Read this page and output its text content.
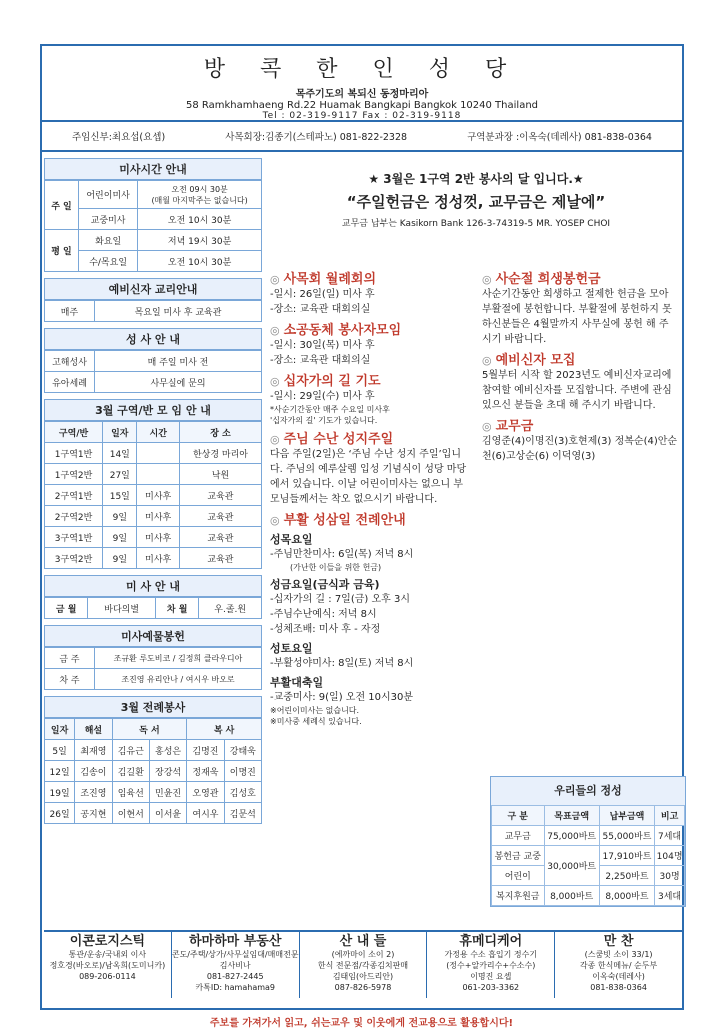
방 콕 한 인 성 당
목주기도의 복되신 동정마리아
58 Ramkhamhaeng Rd.22 Huamak Bangkapi Bangkok 10240 Thailand
Tel : 02-319-9117 Fax : 02-319-9118
주임신부:최요섭(요셉)	사목회장:김종기(스테파노) 081-822-2328	구역분과장 :이옥숙(데레사) 081-838-0364
미사시간 안내
주 일	어린이미사	오전 09시 30분
(매월 마지막주는 없습니다)
	교중미사	오전 10시 30분
평 일	화요일	저녁 19시 30분
	수/목요일	오전 10시 30분
예비신자 교리안내
매주	목요일 미사 후 교육관
성 사 안 내
고해성사	매 주일 미사 전
유아세례	사무실에 문의
3월 구역/반 모 임 안 내
구역/반	일자	시간	장 소
1구역1반	14일		한상경 마리아
1구역2반	27일		낙원
2구역1반	15일	미사후	교육관
2구역2반	9일	미사후	교육관
3구역1반	9일	미사후	교육관
3구역2반	9일	미사후	교육관
미 사 안 내
금 월	바다의별	차 월	우.졸.원
미사예물봉헌
금 주	조규환 루도비코 / 김정희 클라우디아
차 주	조진영 유리안나 / 여시우 바오로
3월 전례봉사
일자	해설	독 서		복 사	
5일	최재영	김유근	홍성은	김명진	강태욱
12일	김송이	김길환	장강석	정재욱	이명진
19일	조진영	임육선	민윤진	오영관	김성호
26일	공지현	이현서	이서윤	여시우	김문석
★ 3월은 1구역 2반 봉사의 달 입니다.★
“주일헌금은 정성껏, 교무금은 제날에”
교무금 납부는 Kasikorn Bank 126-3-74319-5 MR. YOSEP CHOI
◎ 사목회 월례회의
-일시: 26일(일) 미사 후
-장소: 교육관 대회의실
◎ 소공동체 봉사자모임
-일시: 30일(목) 미사 후
-장소: 교육관 대회의실
◎ 십자가의 길 기도
-일시: 29일(수) 미사 후
*사순기간동안 매주 수요일 미사후
'십자가의 길' 기도가 있습니다.
◎ 주님 수난 성지주일
다음 주일(2일)은 ‘주님 수난 성지 주일’입니다. 주님의 예루살렘 입성 기념식이 성당 마당에서 있습니다. 이날 어린이미사는 없으니 부모님들께서는 착오 없으시기 바랍니다.
◎ 부활 성삼일 전례안내
성목요일
-주님만찬미사: 6일(목) 저녁 8시
(가난한 이들을 위한 헌금)
성금요일(금식과 금육)
-십자가의 길 : 7일(금) 오후 3시
-주님수난예식: 저녁 8시
-성체조배: 미사 후 - 자정
성토요일
-부활성야미사: 8일(토) 저녁 8시
부활대축일
-교중미사: 9(일) 오전 10시30분
※어린이미사는 없습니다.
※미사중 세례식 있습니다.
◎ 사순절 희생봉헌금
사순기간동안 희생하고 절제한 헌금을 모아 부활절에 봉헌합니다. 부활절에 봉헌하지 못하신분들은 4월말까지 사무실에 봉헌 해 주시기 바랍니다.
◎ 예비신자 모집
5월부터 시작 할 2023년도 예비신자교리에 참여할 예비신자를 모집합니다. 주변에 관심 있으신 분들을 초대 해 주시기 바랍니다.
◎ 교무금
김영준(4)이명진(3)호현제(3) 정복순(4)안순천(6)고상순(6) 이덕영(3)
우리들의 정성
구 분	목표금액	납부금액	비고
교무금	75,000바트	55,000바트	7세대
봉헌금 교중	30,000바트	17,910바트	104명
어린이		2,250바트	30명
복지후원금	8,000바트	8,000바트	3세대
이콘로지스틱
통관/운송/국내외 이사
정호경(바오로)/남옥희(도미니카)
089-206-0114
하마하마 부동산
콘도/주택/상가/사무실임대/매매전문
김사비나
081-827-2445
카톡ID: hamahama9
산 내 들
(에까마이 소이 2)
한식 전문점/각종김치판매
김태임(아드리안)
087-826-5978
휴메디케어
가정용 수소 흡입기 정수기
(정수+알카리수+수소수)
이명진 요셉
061-203-3362
만 찬
(스쿰빗 소이 33/1)
각종 한식메뉴/ 순두부
이옥숙(데레사)
081-838-0364
주보를 가져가서 읽고, 쉬는교우 및 이웃에게 전교용으로 활용합시다!
